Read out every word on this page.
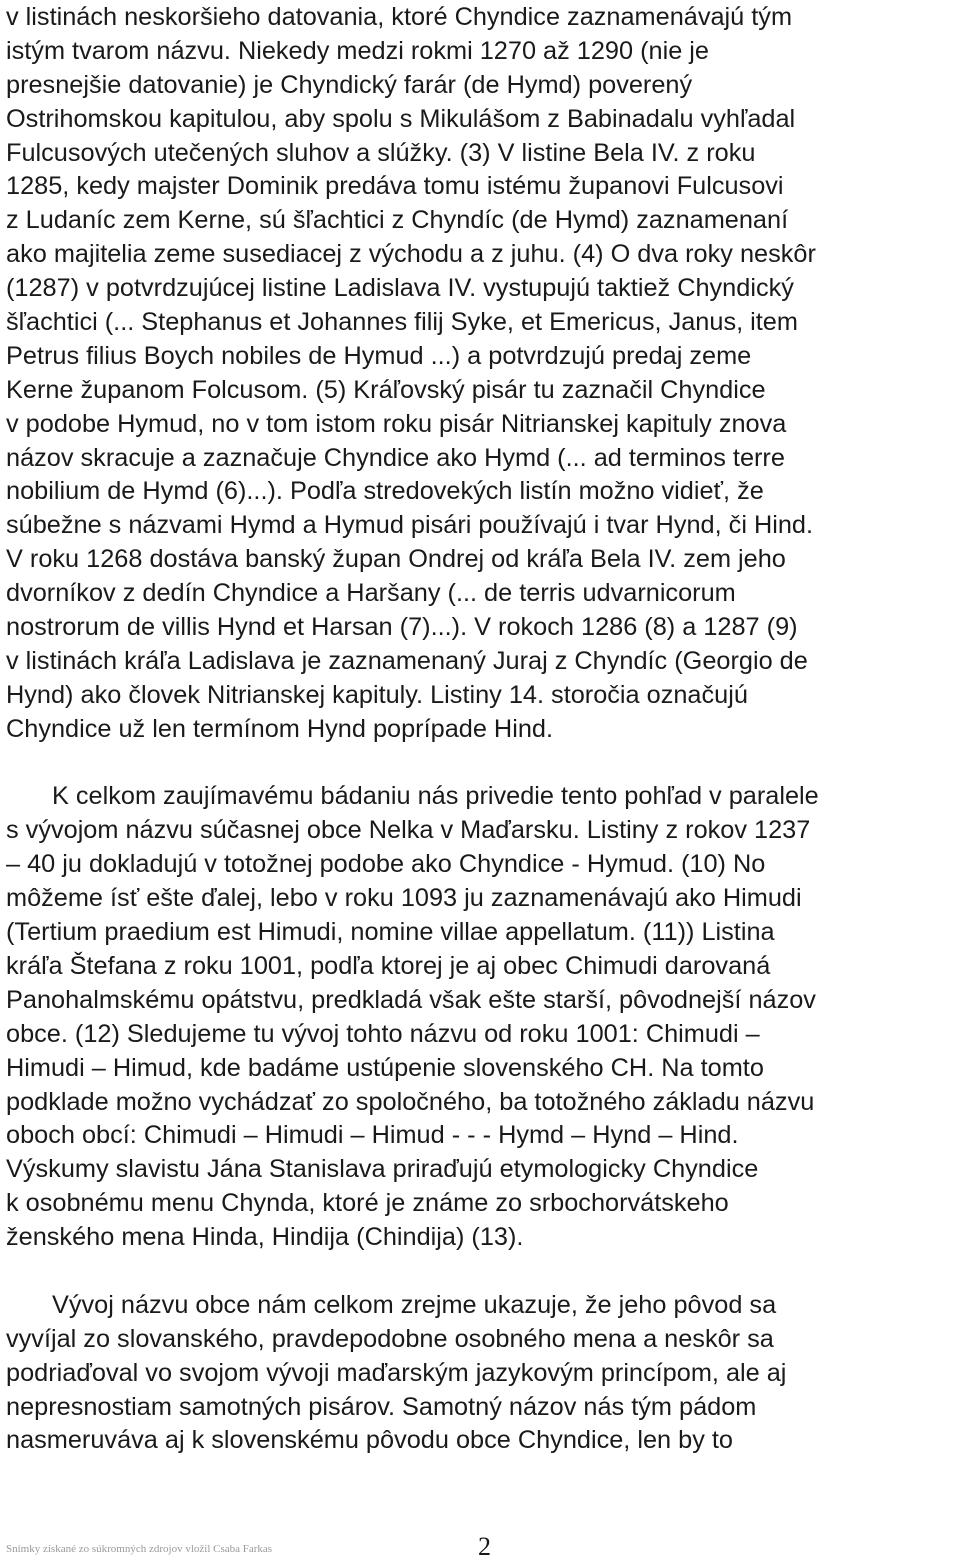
v listinách neskoršieho datovania, ktoré Chyndice zaznamenávajú tým
istým tvarom názvu. Niekedy medzi rokmi 1270 až 1290 (nie je
presnejšie datovanie) je Chyndický farár (de Hymd) poverený
Ostrihomskou kapitulou, aby spolu s Mikulášom z Babinadalu vyhľadal
Fulcusových utečených sluhov a slúžky. (3) V listine Bela IV. z roku
1285, kedy majster Dominik predáva tomu istému županovi Fulcusovi
z Ludaníc zem Kerne, sú šľachtici z Chyndíc (de Hymd) zaznamenaní
ako majitelia zeme susediacej z východu a z juhu. (4) O dva roky neskôr
(1287) v potvrdzujúcej listine Ladislava IV. vystupujú taktiež Chyndický
šľachtici (... Stephanus et Johannes filij Syke, et Emericus, Janus, item
Petrus filius Boych nobiles de Hymud ...) a potvrdzujú predaj zeme
Kerne županom Folcusom. (5) Kráľovský pisár tu zaznačil Chyndice
v podobe Hymud, no v tom istom roku pisár Nitrianskej kapituly znova
názov skracuje a zaznačuje Chyndice ako Hymd (... ad terminos terre
nobilium de Hymd (6)...). Podľa stredovekých listín možno vidieť, že
súbežne s názvami Hymd a Hymud pisári používajú i tvar Hynd, či Hind.
V roku 1268 dostáva banský župan Ondrej od kráľa Bela IV. zem jeho
dvorníkov z dedín Chyndice a Haršany (... de terris udvarnicorum
nostrorum de villis Hynd et Harsan (7)...). V rokoch 1286 (8) a 1287 (9)
v listinách kráľa Ladislava je zaznamenaný Juraj z Chyndíc (Georgio de
Hynd) ako človek Nitrianskej kapituly. Listiny 14. storočia označujú
Chyndice už len termínom Hynd poprípade Hind.
K celkom zaujímavému bádaniu nás privedie tento pohľad v paralele
s vývojom názvu súčasnej obce Nelka v Maďarsku. Listiny z rokov 1237
– 40 ju dokladujú v totožnej podobe ako Chyndice - Hymud. (10) No
môžeme ísť ešte ďalej, lebo v roku 1093 ju zaznamenávajú ako Himudi
(Tertium praedium est Himudi, nomine villae appellatum. (11)) Listina
kráľa Štefana z roku 1001, podľa ktorej je aj obec Chimudi darovaná
Panohalmskému opátstvu, predkladá však ešte starší, pôvodnejší názov
obce. (12) Sledujeme tu vývoj tohto názvu od roku 1001: Chimudi –
Himudi – Himud, kde badáme ustúpenie slovenského CH. Na tomto
podklade možno vychádzať zo spoločného, ba totožného základu názvu
oboch obcí: Chimudi – Himudi – Himud - - - Hymd – Hynd – Hind.
Výskumy slavistu Jána Stanislava priraďujú etymologicky Chyndice
k osobnému menu Chynda, ktoré je známe zo srbochorvátskeho
ženského mena Hinda, Hindija (Chindija) (13).
Vývoj názvu obce nám celkom zrejme ukazuje, že jeho pôvod sa
vyvíjal zo slovanského, pravdepodobne osobného mena a neskôr sa
podriaďoval vo svojom vývoji maďarským jazykovým princípom, ale aj
nepresnostiam samotných pisárov. Samotný názov nás tým pádom
nasmeruváva aj k slovenskému pôvodu obce Chyndice, len by to
Snímky získané zo súkromných zdrojov vložil Csaba Farkas	2
